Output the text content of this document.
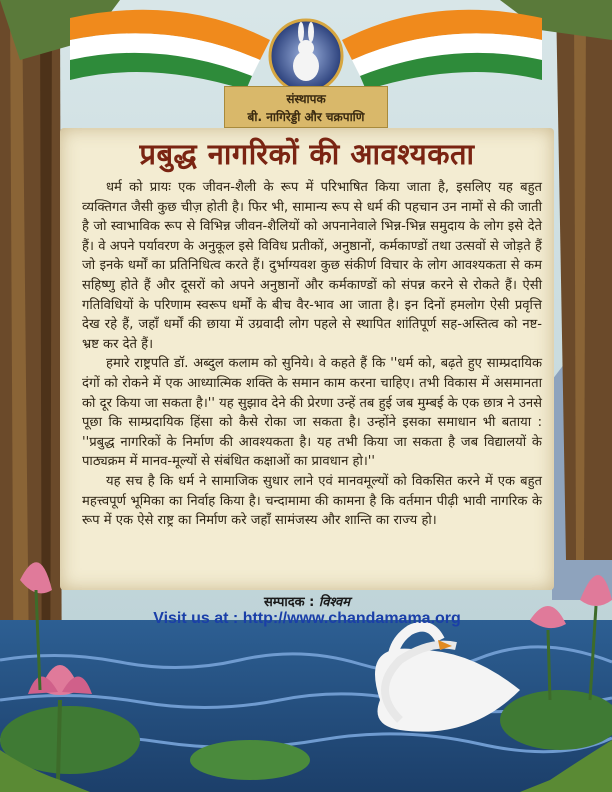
संस्थापक
बी. नागिरेड्डी और चक्रपाणि
प्रबुद्ध नागरिकों की आवश्यकता

धर्म को प्रायः एक जीवन-शैली के रूप में परिभाषित किया जाता है, इसलिए यह बहुत व्यक्तिगत जैसी कुछ चीज़ होती है। फिर भी, सामान्य रूप से धर्म की पहचान उन नामों से की जाती है जो स्वाभाविक रूप से विभिन्न जीवन-शैलियों को अपनानेवाले भिन्न-भिन्न समुदाय के लोग इसे देते हैं। वे अपने पर्यावरण के अनुकूल इसे विविध प्रतीकों, अनुष्ठानों, कर्मकाण्डों तथा उत्सवों से जोड़ते हैं जो इनके धर्मों का प्रतिनिधित्व करते हैं। दुर्भाग्यवश कुछ संकीर्ण विचार के लोग आवश्यकता से कम सहिष्णु होते हैं और दूसरों को अपने अनुष्ठानों और कर्मकाण्डों को संपन्न करने से रोकते हैं। ऐसी गतिविधियों के परिणाम स्वरूप धर्मों के बीच वैर-भाव आ जाता है। इन दिनों हमलोग ऐसी प्रवृत्ति देख रहे हैं, जहाँ धर्मों की छाया में उग्रवादी लोग पहले से स्थापित शांतिपूर्ण सह-अस्तित्व को नष्ट-भ्रष्ट कर देते हैं।

हमारे राष्ट्रपति डॉ. अब्दुल कलाम को सुनिये। वे कहते हैं कि ''धर्म को, बढ़ते हुए साम्प्रदायिक दंगों को रोकने में एक आध्यात्मिक शक्ति के समान काम करना चाहिए। तभी विकास में असमानता को दूर किया जा सकता है।'' यह सुझाव देने की प्रेरणा उन्हें तब हुई जब मुम्बई के एक छात्र ने उनसे पूछा कि साम्प्रदायिक हिंसा को कैसे रोका जा सकता है। उन्होंने इसका समाधान भी बताया : ''प्रबुद्ध नागरिकों के निर्माण की आवश्यकता है। यह तभी किया जा सकता है जब विद्यालयों के पाठ्यक्रम में मानव-मूल्यों से संबंधित कक्षाओं का प्रावधान हो।''

यह सच है कि धर्म ने सामाजिक सुधार लाने एवं मानवमूल्यों को विकसित करने में एक बहुत महत्त्वपूर्ण भूमिका का निर्वाह किया है। चन्दामामा की कामना है कि वर्तमान पीढ़ी भावी नागरिक के रूप में एक ऐसे राष्ट्र का निर्माण करे जहाँ सामंजस्य और शान्ति का राज्य हो।

सम्पादक : विश्वम
Visit us at : http://www.chandamama.org
